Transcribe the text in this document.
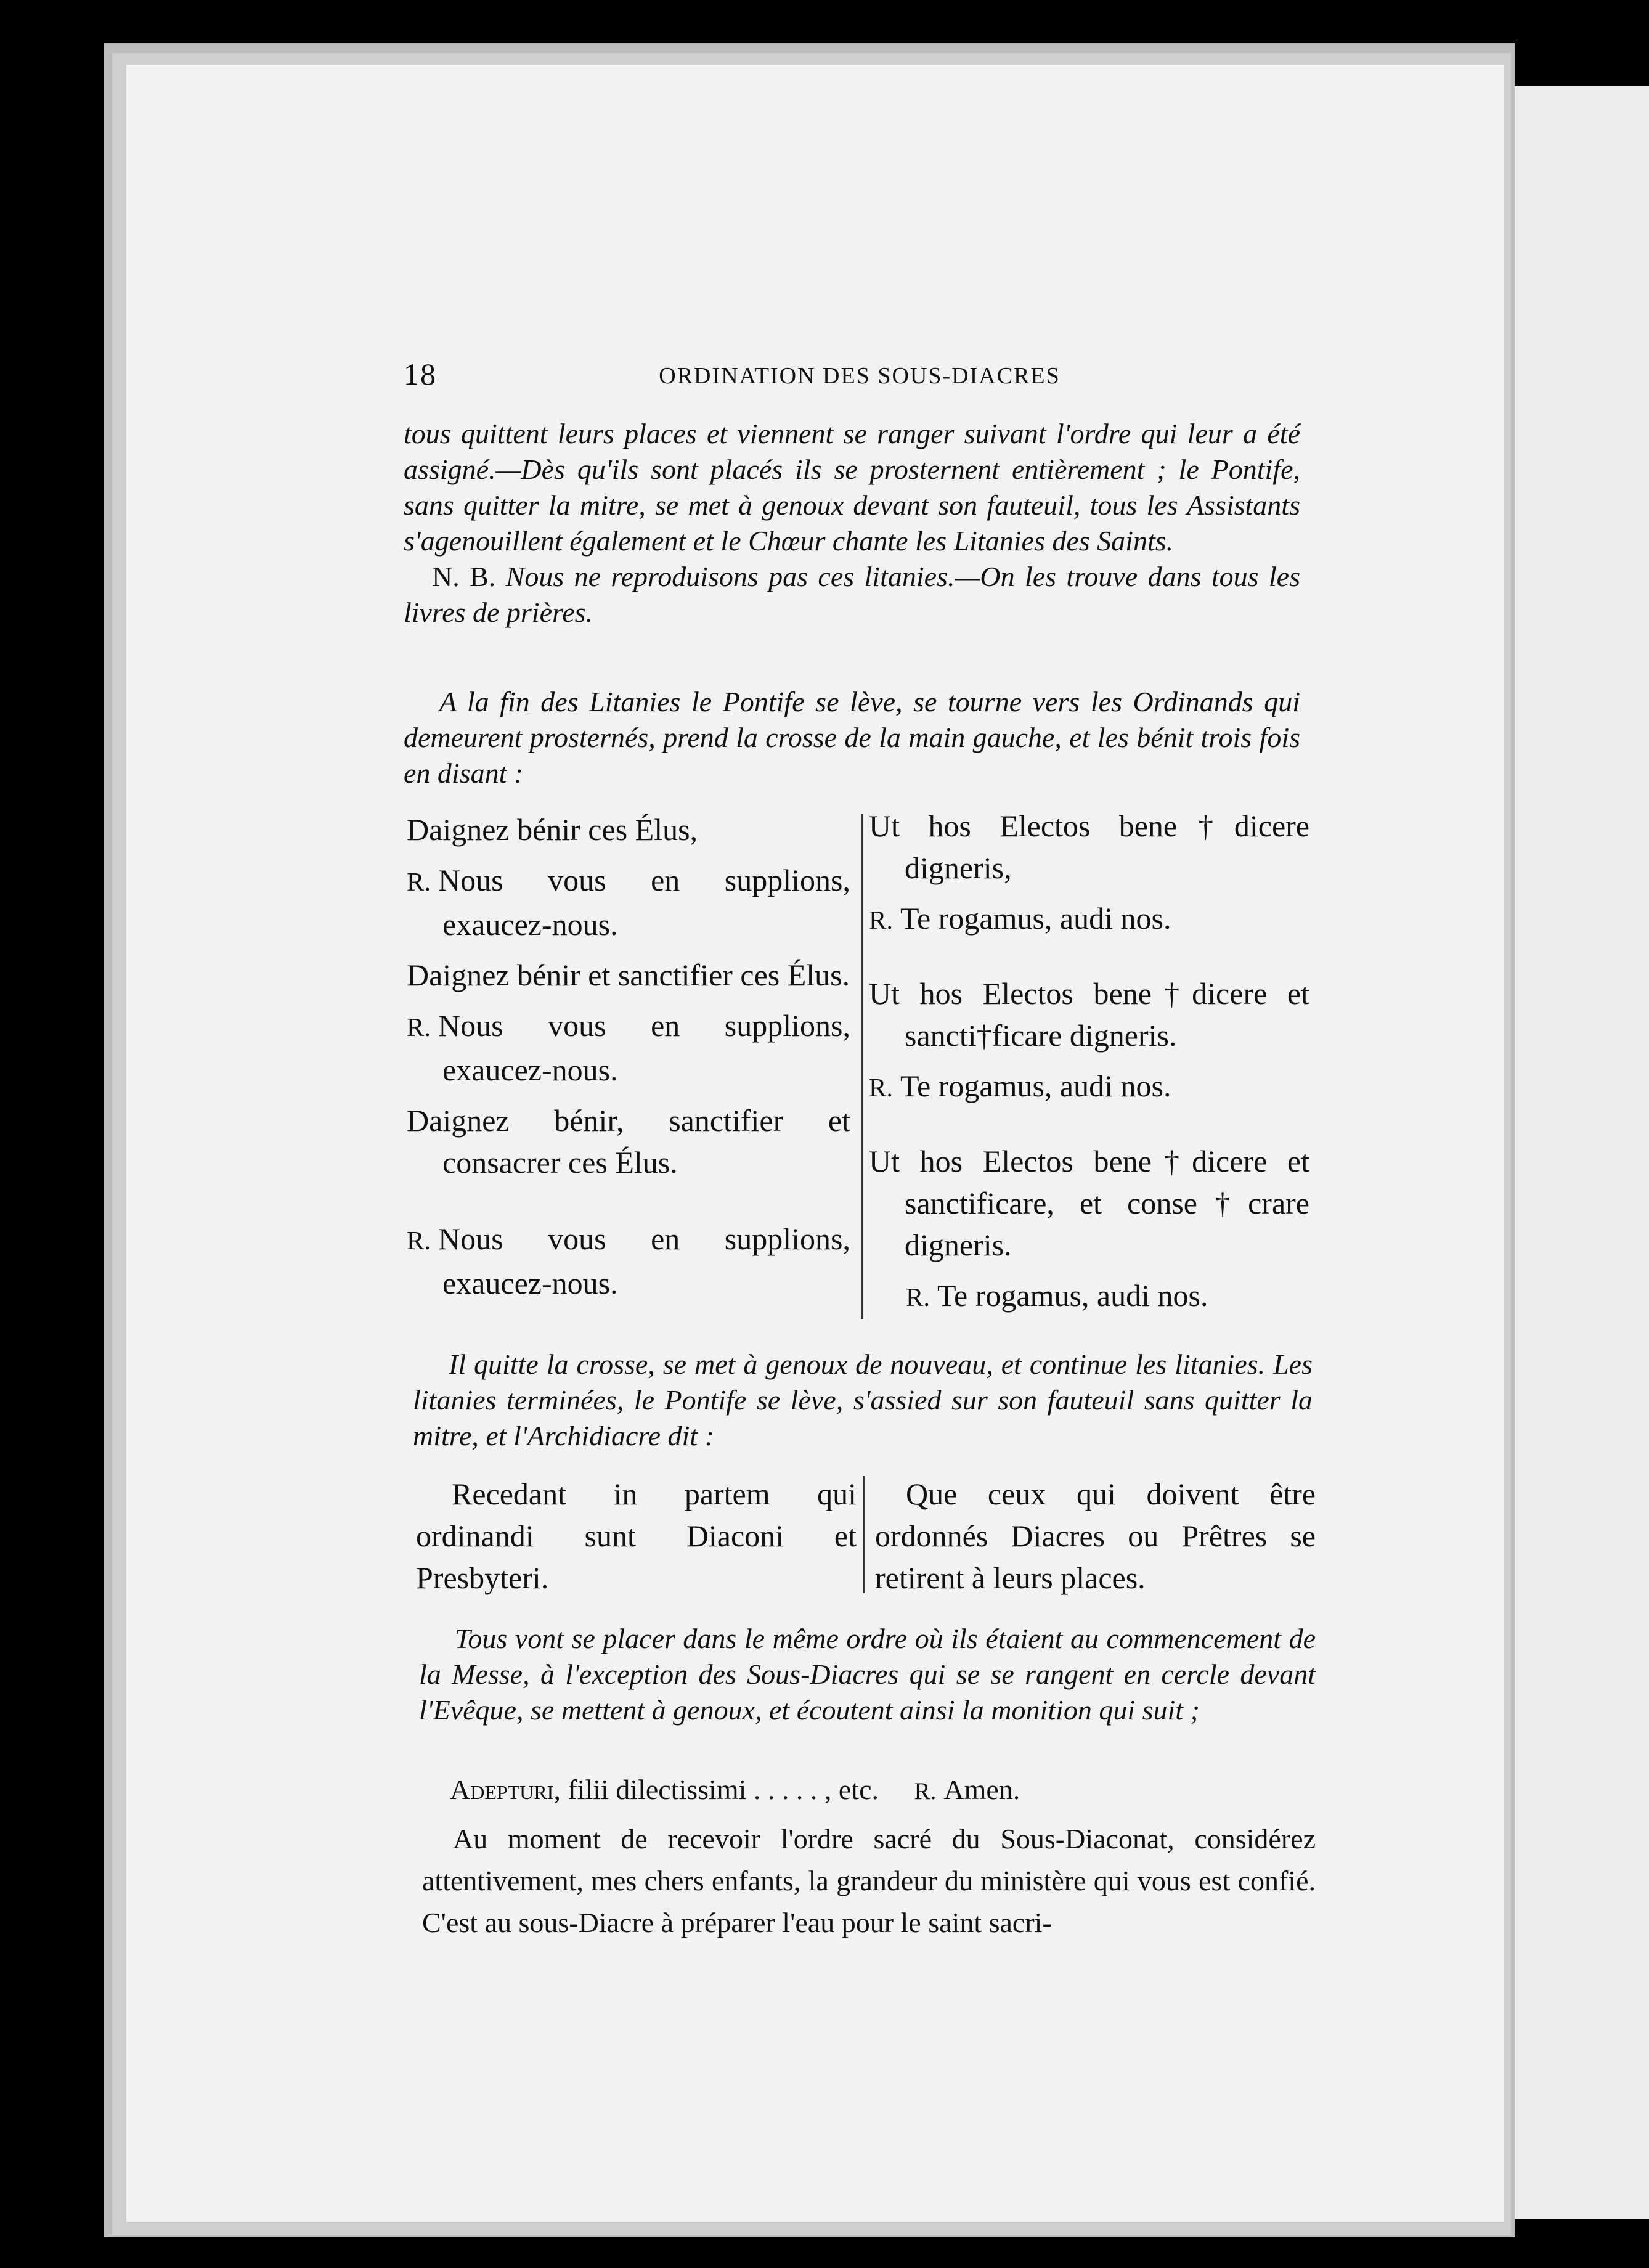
18	ORDINATION DES SOUS-DIACRES

tous quittent leurs places et viennent se ranger suivant l'ordre qui leur a été assigné.—Dès qu'ils sont placés ils se prosternent entièrement ; le Pontife, sans quitter la mitre, se met à genoux devant son fauteuil, tous les Assistants s'agenouillent également et le Chœur chante les Litanies des Saints.
 N. B. Nous ne reproduisons pas ces litanies.—On les trouve dans tous les livres de prières.

A la fin des Litanies le Pontife se lève, se tourne vers les Ordinands qui demeurent prosternés, prend la crosse de la main gauche, et les bénit trois fois en disant :

Daignez bénir ces Élus,

R. Nous vous en supplions, exaucez-nous.

Daignez bénir et sanctifier ces Élus.

R. Nous vous en supplions, exaucez-nous.

Daignez bénir, sanctifier et consacrer ces Élus.

R. Nous vous en supplions, exaucez-nous.

Ut hos Electos bene†dicere digneris,

R. Te rogamus, audi nos.

Ut hos Electos bene†dicere et sancti†ficare digneris.

R. Te rogamus, audi nos.

Ut hos Electos bene†dicere et sanctificare, et conse†crare digneris.

R. Te rogamus, audi nos.

Il quitte la crosse, se met à genoux de nouveau, et continue les litanies. Les litanies terminées, le Pontife se lève, s'assied sur son fauteuil sans quitter la mitre, et l'Archidiacre dit :

Recedant in partem qui ordinandi sunt Diaconi et Presbyteri.

Que ceux qui doivent être ordonnés Diacres ou Prêtres se retirent à leurs places.

Tous vont se placer dans le même ordre où ils étaient au commencement de la Messe, à l'exception des Sous-Diacres qui se se rangent en cercle devant l'Evêque, se mettent à genoux, et écoutent ainsi la monition qui suit ;

Adepturi, filii dilectissimi . . . . . , etc.   R. Amen.

Au moment de recevoir l'ordre sacré du Sous-Diaconat, considérez attentivement, mes chers enfants, la grandeur du ministère qui vous est confié. C'est au sous-Diacre à préparer l'eau pour le saint sacri-
